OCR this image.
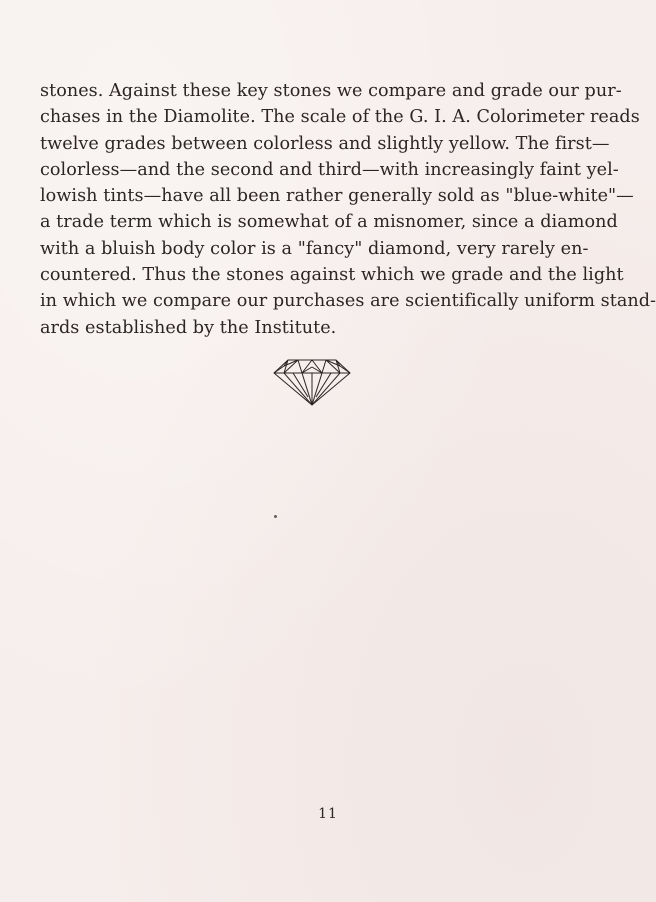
stones. Against these key stones we compare and grade our pur-
chases in the Diamolite. The scale of the G. I. A. Colorimeter reads
twelve grades between colorless and slightly yellow. The first—
colorless—and the second and third—with increasingly faint yel-
lowish tints—have all been rather generally sold as "blue-white"—
a trade term which is somewhat of a misnomer, since a diamond
with a bluish body color is a "fancy" diamond, very rarely en-
countered. Thus the stones against which we grade and the light
in which we compare our purchases are scientifically uniform stand-
ards established by the Institute.

11
